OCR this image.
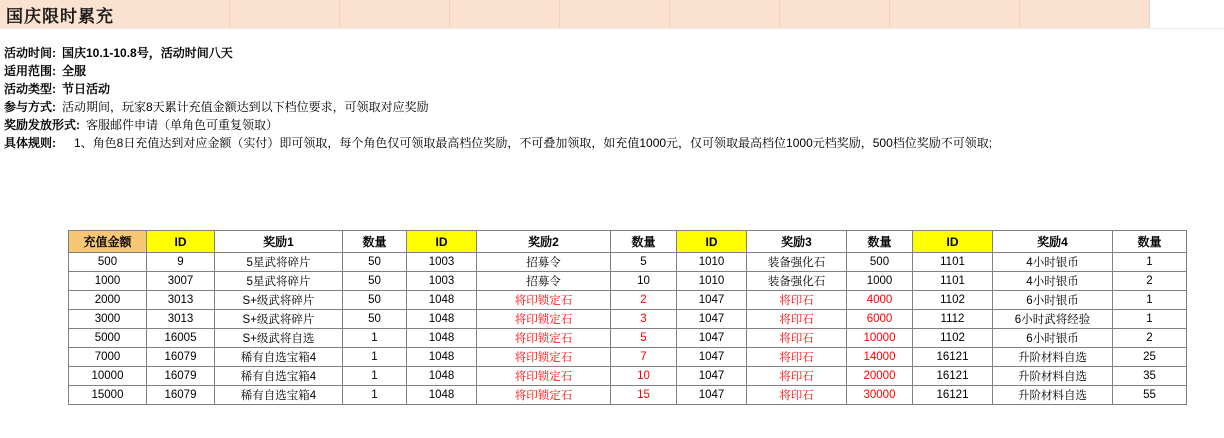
国庆限时累充
活动时间: 国庆10.1-10.8号，活动时间八天
适用范围: 全服
活动类型: 节日活动
参与方式: 活动期间，玩家8天累计充值金额达到以下档位要求，可领取对应奖励
奖励发放形式: 客服邮件申请（单角色可重复领取）
具体规则:	1、角色8日充值达到对应金额（实付）即可领取，每个角色仅可领取最高档位奖励，不可叠加领取，如充值1000元，仅可领取最高档位1000元档奖励，500档位奖励不可领取;
充值金额	ID	奖励1	数量	ID	奖励2	数量	ID	奖励3	数量	ID	奖励4	数量
500	9	5星武将碎片	50	1003	招募令	5	1010	装备强化石	500	1101	4小时银币	1
1000	3007	5星武将碎片	50	1003	招募令	10	1010	装备强化石	1000	1101	4小时银币	2
2000	3013	S+级武将碎片	50	1048	将印锁定石	2	1047	将印石	4000	1102	6小时银币	1
3000	3013	S+级武将碎片	50	1048	将印锁定石	3	1047	将印石	6000	1112	6小时武将经验	1
5000	16005	S+级武将自选	1	1048	将印锁定石	5	1047	将印石	10000	1102	6小时银币	2
7000	16079	稀有自选宝箱4	1	1048	将印锁定石	7	1047	将印石	14000	16121	升阶材料自选	25
10000	16079	稀有自选宝箱4	1	1048	将印锁定石	10	1047	将印石	20000	16121	升阶材料自选	35
15000	16079	稀有自选宝箱4	1	1048	将印锁定石	15	1047	将印石	30000	16121	升阶材料自选	55
